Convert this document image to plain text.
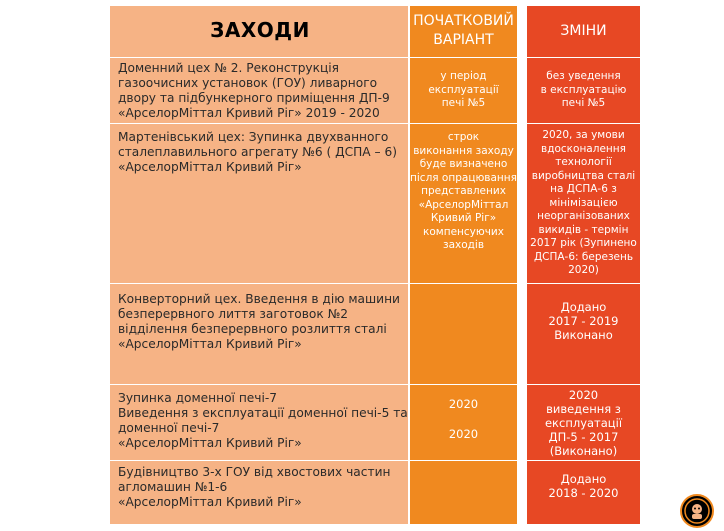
ЗАХОДИ	ПОЧАТКОВИЙ
ВАРІАНТ
ЗМІНИ
Доменний цех № 2. Реконструкція
газоочисних установок (ГОУ) ливарного
двору та підбункерного приміщення ДП-9
«АрселорМіттал Кривий Ріг» 2019 - 2020
у період
експлуатації
печі №5
без уведення
в експлуатацію
печі №5
Мартенівський цех: Зупинка двухванного
сталеплавильного агрегату №6 ( ДСПА – 6)
«АрселорМіттал Кривий Ріг»
строк
виконання заходу
буде визначено
після опрацювання
представлених
«АрселорМіттал
Кривий Ріг»
компенсуючих
заходів
2020, за умови
вдосконалення
технології
виробництва сталі
на ДСПА-6 з
мінімізацією
неорганізованих
викидів - термін
2017 рік (Зупинено
ДСПА-6: березень
2020)
Конверторний цех. Введення в дію машини
безперервного лиття заготовок №2
відділення безперервного розлиття сталі
«АрселорМіттал Кривий Ріг»
Додано
2017 - 2019
Виконано
Зупинка доменної печі-7
Виведення з експлуатації доменної печі-5 та
доменної печі-7
«АрселорМіттал Кривий Ріг»
2020
2020
2020
виведення з
експлуатації
ДП-5 - 2017
(Виконано)
Будівництво 3-х ГОУ від хвостових частин
агломашин №1-6
«АрселорМіттал Кривий Ріг»
Додано
2018 - 2020
